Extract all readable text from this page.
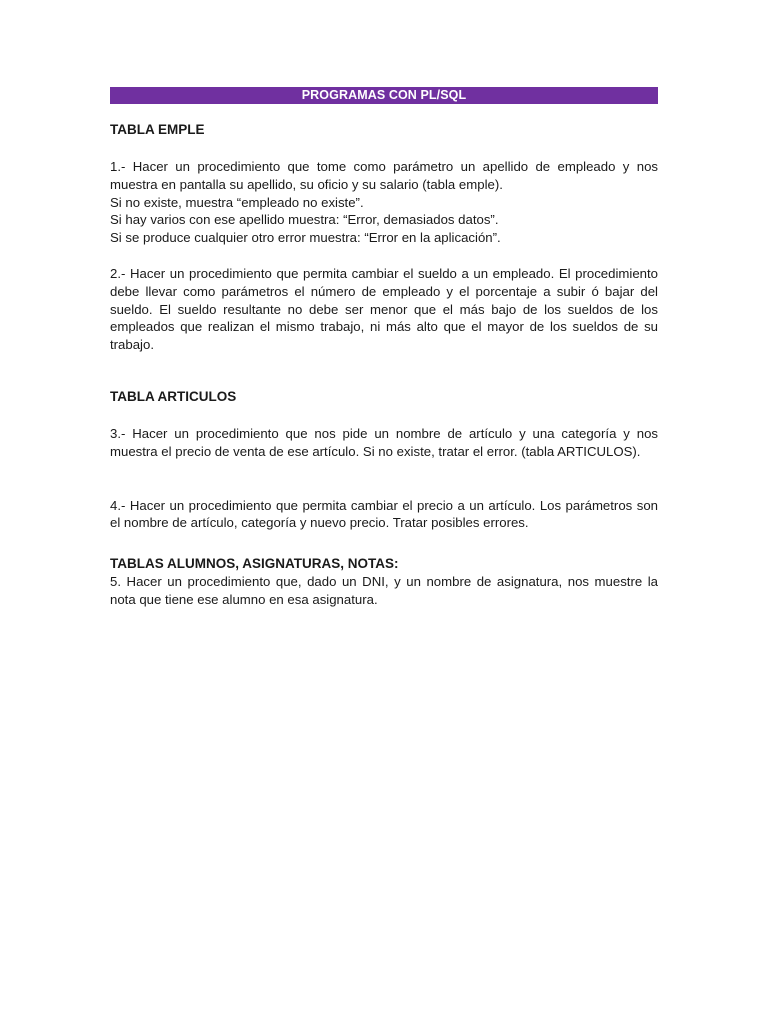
PROGRAMAS CON PL/SQL
TABLA EMPLE

1.- Hacer un procedimiento que tome como parámetro un apellido de empleado y nos muestra en pantalla su apellido, su oficio y su salario (tabla emple).

Si no existe, muestra “empleado no existe”.
Si hay varios con ese apellido muestra: “Error, demasiados datos”.
Si se produce cualquier otro error muestra: “Error en la aplicación”.

2.- Hacer un procedimiento que permita cambiar el sueldo a un empleado. El procedimiento debe llevar como parámetros el número de empleado y el porcentaje a subir ó bajar del sueldo. El sueldo resultante no debe ser menor que el más bajo de los sueldos de los empleados que realizan el mismo trabajo, ni más alto que el mayor de los sueldos de su trabajo.

TABLA ARTICULOS

3.- Hacer un procedimiento que nos pide un nombre de artículo y una categoría y nos muestra el precio de venta de ese artículo. Si no existe, tratar el error. (tabla ARTICULOS).

4.- Hacer un procedimiento que permita cambiar el precio a un artículo. Los parámetros son el nombre de artículo, categoría y nuevo precio. Tratar posibles errores.

TABLAS ALUMNOS, ASIGNATURAS, NOTAS:

5. Hacer un procedimiento que, dado un DNI, y un nombre de asignatura, nos muestre la nota que tiene ese alumno en esa asignatura.
